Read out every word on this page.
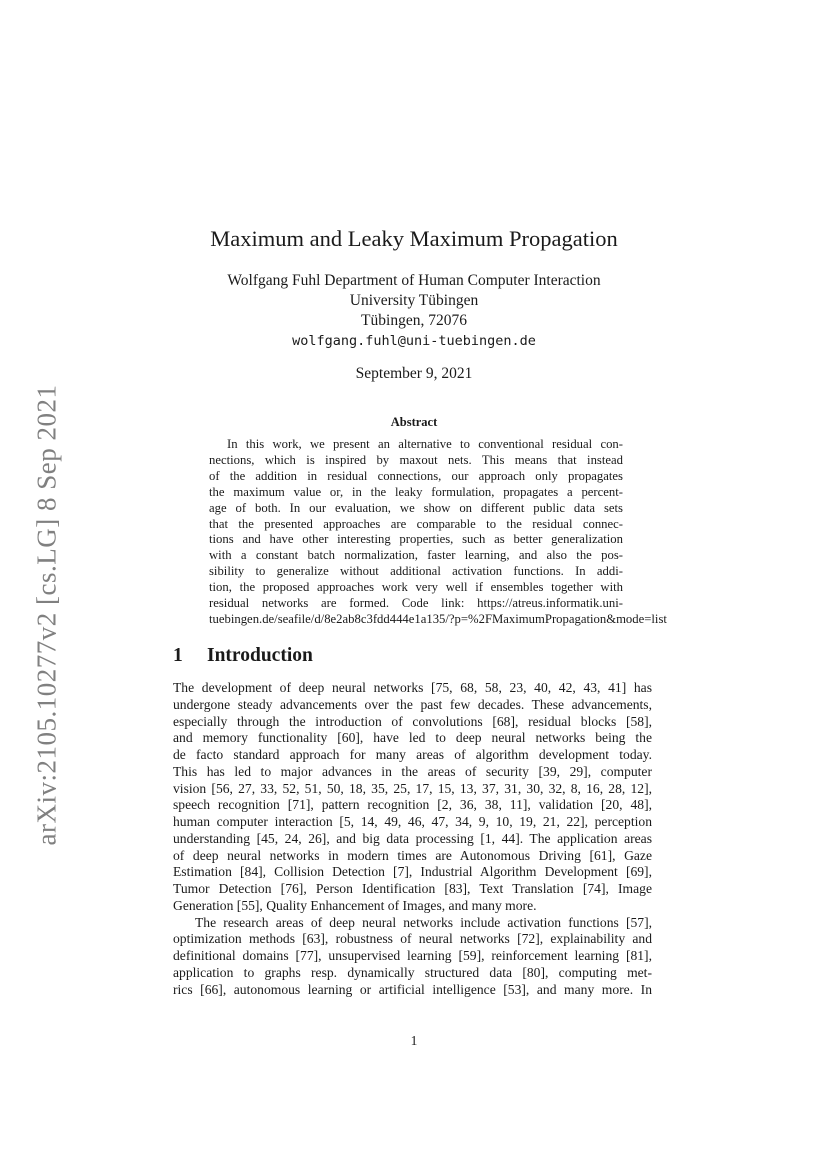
arXiv:2105.10277v2 [cs.LG] 8 Sep 2021
Maximum and Leaky Maximum Propagation
Wolfgang Fuhl Department of Human Computer Interaction
University Tübingen
Tübingen, 72076
wolfgang.fuhl@uni-tuebingen.de
September 9, 2021
Abstract
In this work, we present an alternative to conventional residual con-
nections, which is inspired by maxout nets. This means that instead
of the addition in residual connections, our approach only propagates
the maximum value or, in the leaky formulation, propagates a percent-
age of both. In our evaluation, we show on different public data sets
that the presented approaches are comparable to the residual connec-
tions and have other interesting properties, such as better generalization
with a constant batch normalization, faster learning, and also the pos-
sibility to generalize without additional activation functions. In addi-
tion, the proposed approaches work very well if ensembles together with
residual networks are formed. Code link: https://atreus.informatik.uni-
tuebingen.de/seafile/d/8e2ab8c3fdd444e1a135/?p=%2FMaximumPropagation&mode=list
1 Introduction
The development of deep neural networks [75, 68, 58, 23, 40, 42, 43, 41] has
undergone steady advancements over the past few decades. These advancements,
especially through the introduction of convolutions [68], residual blocks [58],
and memory functionality [60], have led to deep neural networks being the
de facto standard approach for many areas of algorithm development today.
This has led to major advances in the areas of security [39, 29], computer
vision [56, 27, 33, 52, 51, 50, 18, 35, 25, 17, 15, 13, 37, 31, 30, 32, 8, 16, 28, 12],
speech recognition [71], pattern recognition [2, 36, 38, 11], validation [20, 48],
human computer interaction [5, 14, 49, 46, 47, 34, 9, 10, 19, 21, 22], perception
understanding [45, 24, 26], and big data processing [1, 44]. The application areas
of deep neural networks in modern times are Autonomous Driving [61], Gaze
Estimation [84], Collision Detection [7], Industrial Algorithm Development [69],
Tumor Detection [76], Person Identification [83], Text Translation [74], Image
Generation [55], Quality Enhancement of Images, and many more.
The research areas of deep neural networks include activation functions [57],
optimization methods [63], robustness of neural networks [72], explainability and
definitional domains [77], unsupervised learning [59], reinforcement learning [81],
application to graphs resp. dynamically structured data [80], computing met-
rics [66], autonomous learning or artificial intelligence [53], and many more. In
1
